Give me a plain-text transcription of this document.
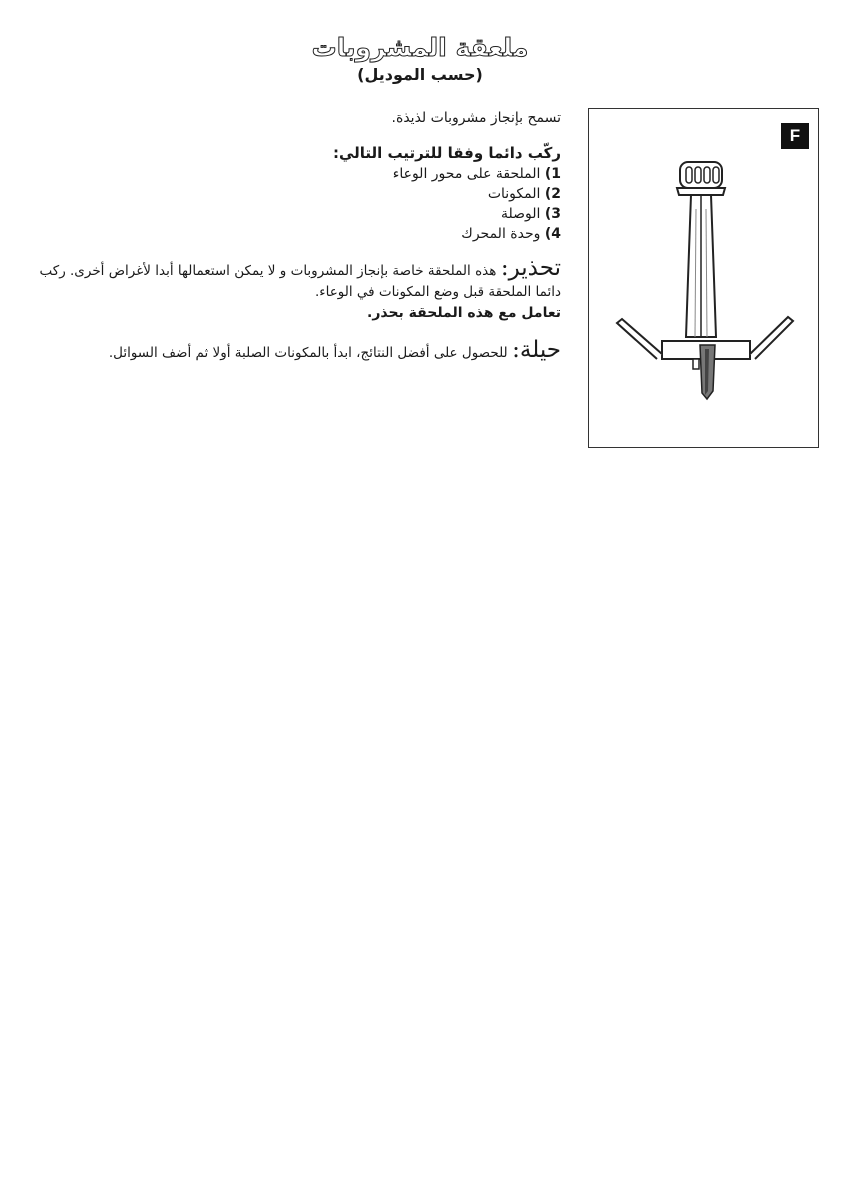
ملعقة المشروبات
(حسب الموديل)

تسمح بإنجاز مشروبات لذيذة.

ركّب دائما وفقا للترتيب التالي:

1) الملحقة على محور الوعاء
2) المكونات
3) الوصلة
4) وحدة المحرك
تحذير: هذه الملحقة خاصة بإنجاز المشروبات و لا يمكن استعمالها أبدا لأغراض أخرى. ركب دائما الملحقة قبل وضع المكونات في الوعاء.

تعامل مع هذه الملحقة بحذر.

حيلة: للحصول على أفضل النتائج، ابدأ بالمكونات الصلبة أولا ثم أضف السوائل.
F
